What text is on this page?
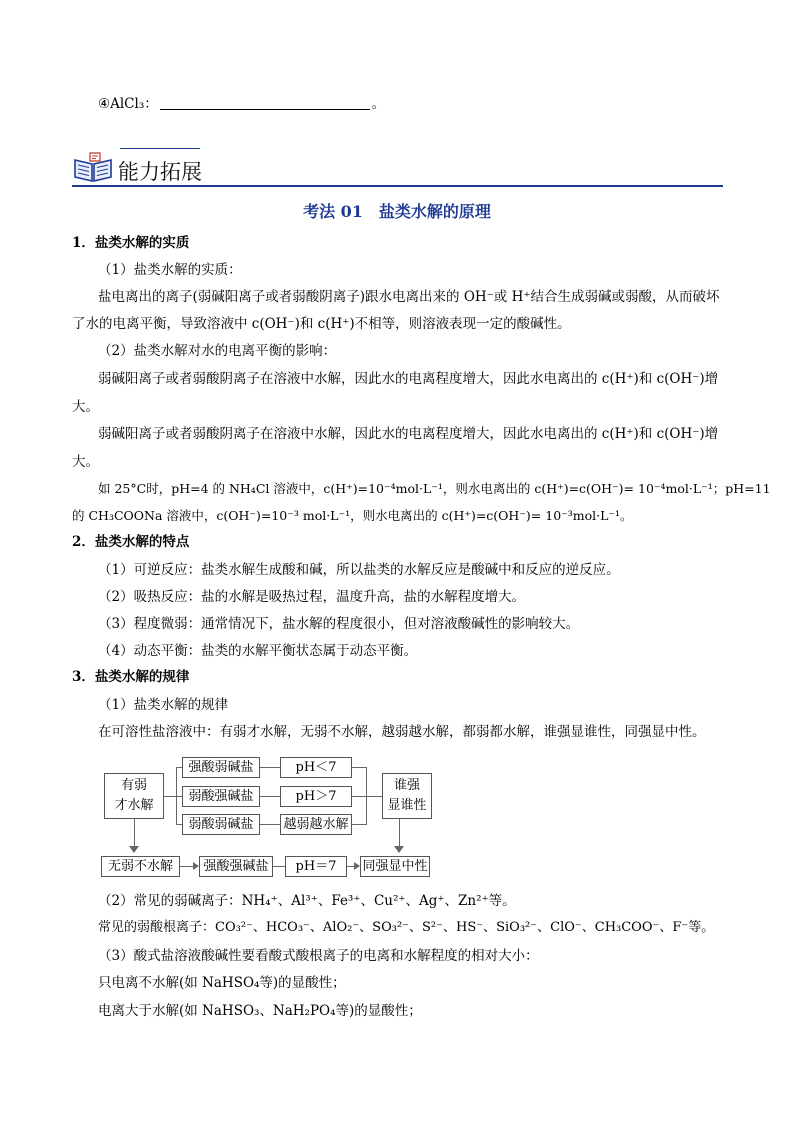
④AlCl₃：	。
能力拓展
考法 01　盐类水解的原理
1．盐类水解的实质
（1）盐类水解的实质：
盐电离出的离子(弱碱阳离子或者弱酸阴离子)跟水电离出来的 OH⁻或 H⁺结合生成弱碱或弱酸，从而破坏
了水的电离平衡，导致溶液中 c(OH⁻)和 c(H⁺)不相等，则溶液表现一定的酸碱性。
（2）盐类水解对水的电离平衡的影响：
弱碱阳离子或者弱酸阴离子在溶液中水解，因此水的电离程度增大，因此水电离出的 c(H⁺)和 c(OH⁻)增
大。
弱碱阳离子或者弱酸阴离子在溶液中水解，因此水的电离程度增大，因此水电离出的 c(H⁺)和 c(OH⁻)增
大。
如 25°C时，pH=4 的 NH₄Cl 溶液中，c(H⁺)=10⁻⁴mol·L⁻¹，则水电离出的 c(H⁺)=c(OH⁻)= 10⁻⁴mol·L⁻¹；pH=11
的 CH₃COONa 溶液中，c(OH⁻)=10⁻³ mol·L⁻¹，则水电离出的 c(H⁺)=c(OH⁻)= 10⁻³mol·L⁻¹。
2．盐类水解的特点
（1）可逆反应：盐类水解生成酸和碱，所以盐类的水解反应是酸碱中和反应的逆反应。
（2）吸热反应：盐的水解是吸热过程，温度升高，盐的水解程度增大。
（3）程度微弱：通常情况下，盐水解的程度很小，但对溶液酸碱性的影响较大。
（4）动态平衡：盐类的水解平衡状态属于动态平衡。
3．盐类水解的规律
（1）盐类水解的规律
在可溶性盐溶液中：有弱才水解，无弱不水解，越弱越水解，都弱都水解，谁强显谁性，同强显中性。
有弱
才水解
强酸弱碱盐
弱酸强碱盐
弱酸弱碱盐
pH＜7
pH＞7
越弱越水解
谁强
显谁性
无弱不水解	强酸强碱盐	pH＝7	同强显中性
（2）常见的弱碱离子：NH₄⁺、Al³⁺、Fe³⁺、Cu²⁺、Ag⁺、Zn²⁺等。
常见的弱酸根离子：CO₃²⁻、HCO₃⁻、AlO₂⁻、SO₃²⁻、S²⁻、HS⁻、SiO₃²⁻、ClO⁻、CH₃COO⁻、F⁻等。
（3）酸式盐溶液酸碱性要看酸式酸根离子的电离和水解程度的相对大小：
只电离不水解(如 NaHSO₄等)的显酸性；
电离大于水解(如 NaHSO₃、NaH₂PO₄等)的显酸性；
